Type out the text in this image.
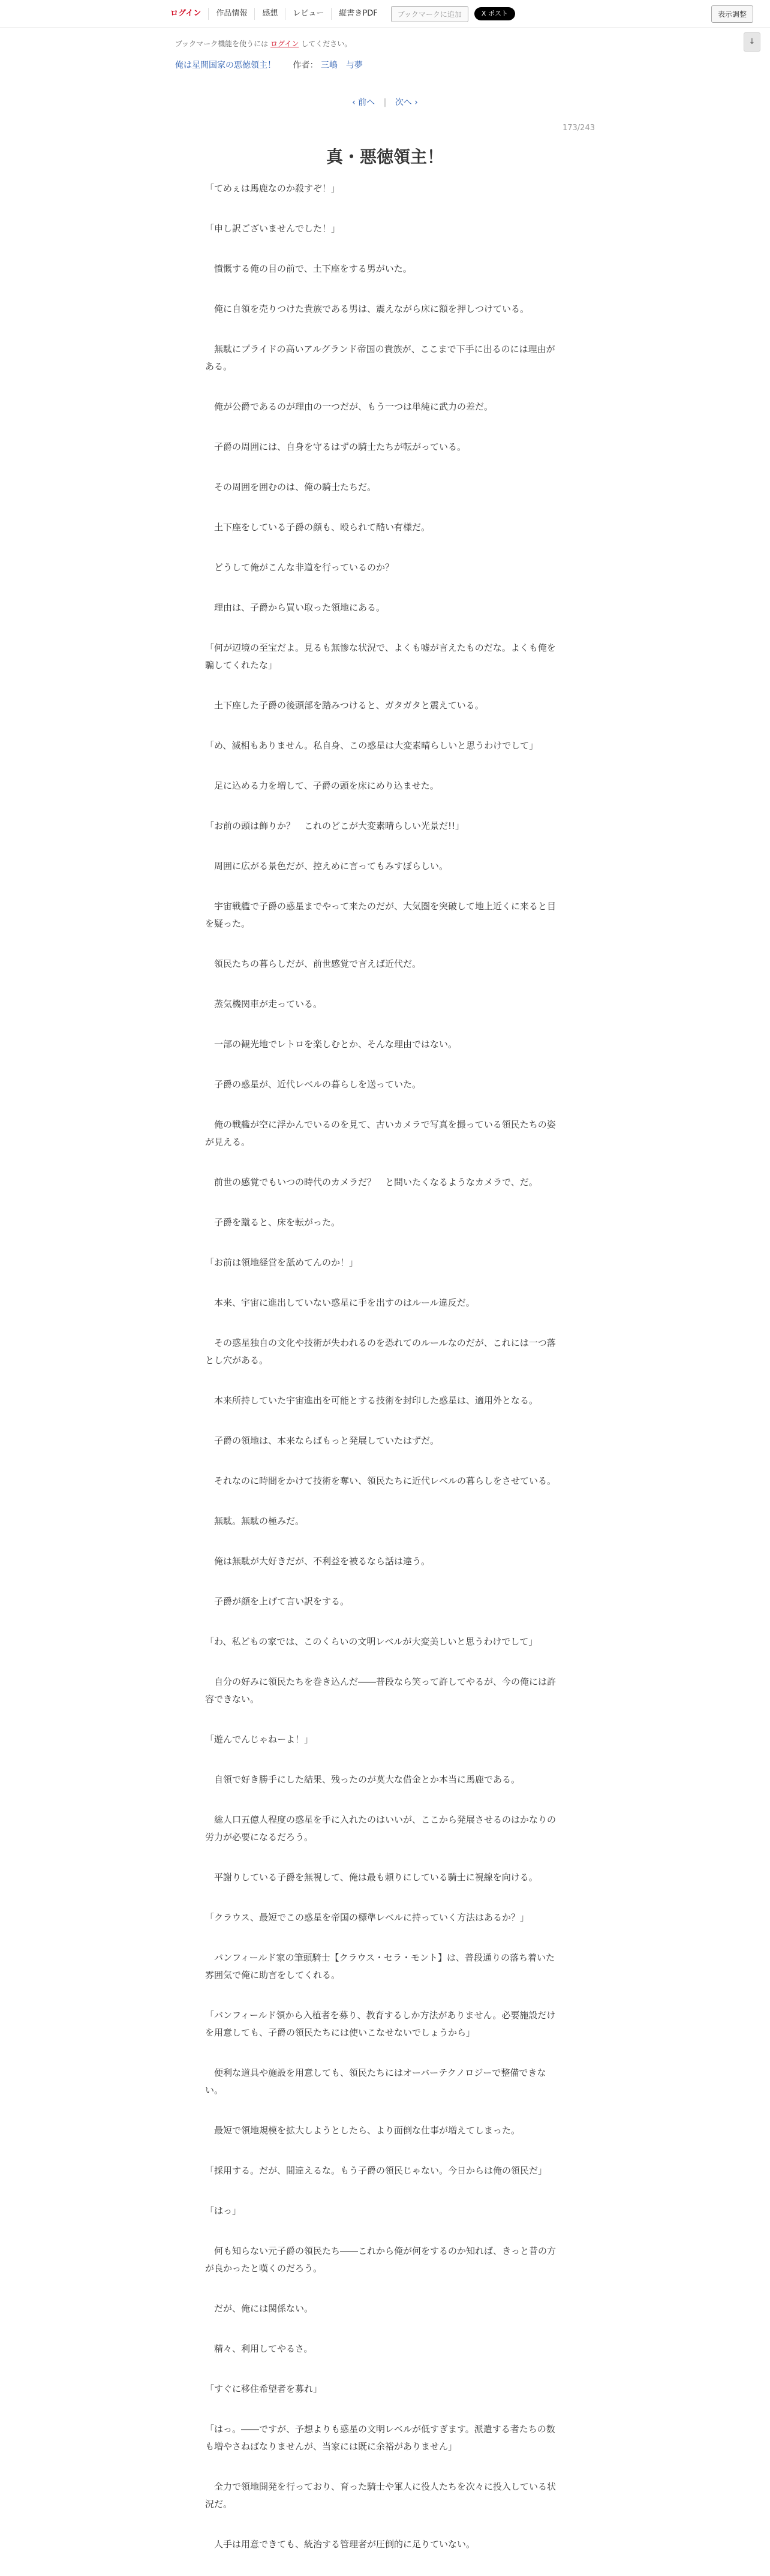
ログイン	作品情報	感想	レビュー	縦書きPDF	ブックマークに追加	X ポスト	表示調整
↓
ブックマーク機能を使うには ログイン してください。
俺は星間国家の悪徳領主！ 作者： 三嶋　与夢
‹ 前へ | 次へ ›
173/243
真・悪徳領主！

「てめぇは馬鹿なのか殺すぞ！」

「申し訳ございませんでした！」

　憤慨する俺の目の前で、土下座をする男がいた。

　俺に自領を売りつけた貴族である男は、震えながら床に額を押しつけている。

　無駄にプライドの高いアルグランド帝国の貴族が、ここまで下手に出るのには理由がある。

　俺が公爵であるのが理由の一つだが、もう一つは単純に武力の差だ。

　子爵の周囲には、自身を守るはずの騎士たちが転がっている。

　その周囲を囲むのは、俺の騎士たちだ。

　土下座をしている子爵の顔も、殴られて酷い有様だ。

　どうして俺がこんな非道を行っているのか？

　理由は、子爵から買い取った領地にある。

「何が辺境の至宝だよ。見るも無惨な状況で、よくも嘘が言えたものだな。よくも俺を騙してくれたな」

　土下座した子爵の後頭部を踏みつけると、ガタガタと震えている。

「め、滅相もありません。私自身、この惑星は大変素晴らしいと思うわけでして」

　足に込める力を増して、子爵の頭を床にめり込ませた。

「お前の頭は飾りか？　これのどこが大変素晴らしい光景だ!!」

　周囲に広がる景色だが、控えめに言ってもみすぼらしい。

　宇宙戦艦で子爵の惑星までやって来たのだが、大気圏を突破して地上近くに来ると目を疑った。

　領民たちの暮らしだが、前世感覚で言えば近代だ。

　蒸気機関車が走っている。

　一部の観光地でレトロを楽しむとか、そんな理由ではない。

　子爵の惑星が、近代レベルの暮らしを送っていた。

　俺の戦艦が空に浮かんでいるのを見て、古いカメラで写真を撮っている領民たちの姿が見える。

　前世の感覚でもいつの時代のカメラだ？　と問いたくなるようなカメラで、だ。

　子爵を蹴ると、床を転がった。

「お前は領地経営を舐めてんのか！」

　本来、宇宙に進出していない惑星に手を出すのはルール違反だ。

　その惑星独自の文化や技術が失われるのを恐れてのルールなのだが、これには一つ落とし穴がある。

　本来所持していた宇宙進出を可能とする技術を封印した惑星は、適用外となる。

　子爵の領地は、本来ならばもっと発展していたはずだ。

　それなのに時間をかけて技術を奪い、領民たちに近代レベルの暮らしをさせている。

　無駄。無駄の極みだ。

　俺は無駄が大好きだが、不利益を被るなら話は違う。

　子爵が顔を上げて言い訳をする。

「わ、私どもの家では、このくらいの文明レベルが大変美しいと思うわけでして」

　自分の好みに領民たちを巻き込んだ――普段なら笑って許してやるが、今の俺には許容できない。

「遊んでんじゃねーよ！」

　自領で好き勝手にした結果、残ったのが莫大な借金とか本当に馬鹿である。

　総人口五億人程度の惑星を手に入れたのはいいが、ここから発展させるのはかなりの労力が必要になるだろう。

　平謝りしている子爵を無視して、俺は最も頼りにしている騎士に視線を向ける。

「クラウス、最短でこの惑星を帝国の標準レベルに持っていく方法はあるか？」

　バンフィールド家の筆頭騎士【クラウス・セラ・モント】は、普段通りの落ち着いた雰囲気で俺に助言をしてくれる。

「バンフィールド領から入植者を募り、教育するしか方法がありません。必要施設だけを用意しても、子爵の領民たちには使いこなせないでしょうから」

　便利な道具や施設を用意しても、領民たちにはオーバーテクノロジーで整備できない。

　最短で領地規模を拡大しようとしたら、より面倒な仕事が増えてしまった。

「採用する。だが、間違えるな。もう子爵の領民じゃない。今日からは俺の領民だ」

「はっ」

　何も知らない元子爵の領民たち――これから俺が何をするのか知れば、きっと昔の方が良かったと嘆くのだろう。

　だが、俺には関係ない。

　精々、利用してやるさ。

「すぐに移住希望者を募れ」

「はっ。――ですが、予想よりも惑星の文明レベルが低すぎます。派遣する者たちの数も増やさねばなりませんが、当家には既に余裕がありません」

　全力で領地開発を行っており、育った騎士や軍人に役人たちを次々に投入している状況だ。

　人手は用意できても、統治する管理者が圧倒的に足りていない。
